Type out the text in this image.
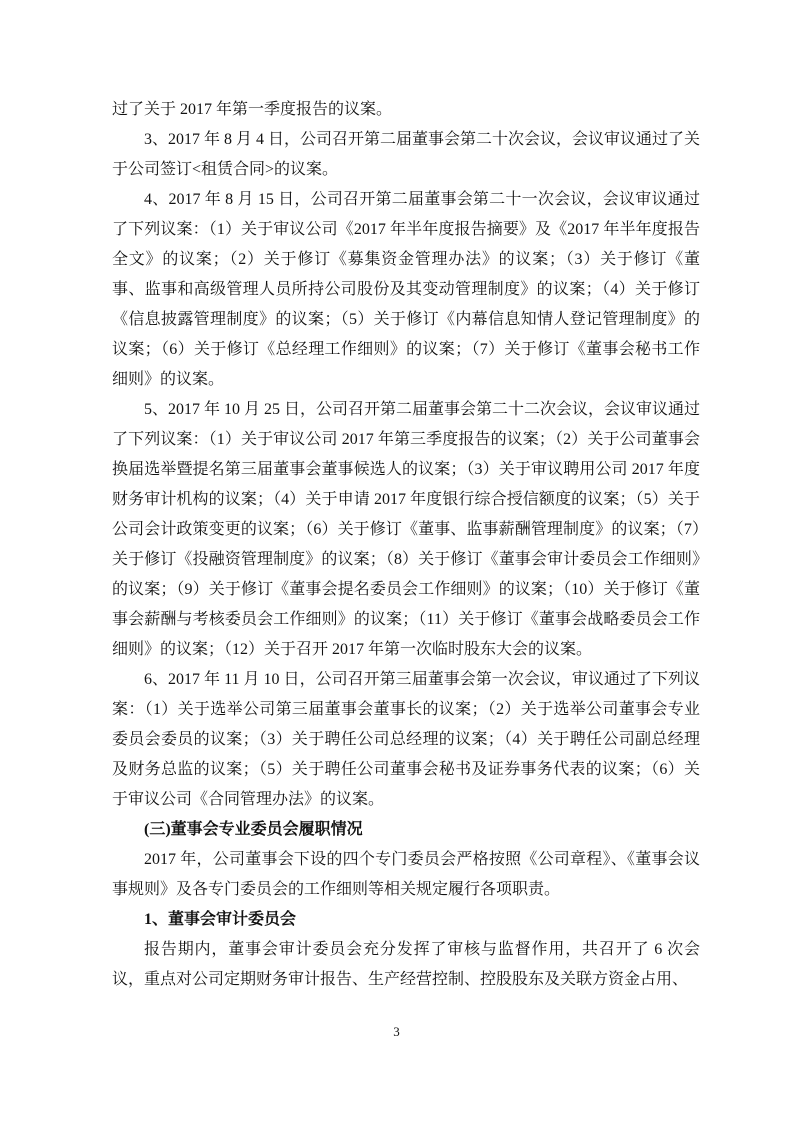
过了关于 2017 年第一季度报告的议案。

3、2017 年 8 月 4 日，公司召开第二届董事会第二十次会议，会议审议通过了关于公司签订<租赁合同>的议案。

4、2017 年 8 月 15 日，公司召开第二届董事会第二十一次会议，会议审议通过了下列议案：（1）关于审议公司《2017 年半年度报告摘要》及《2017 年半年度报告全文》的议案；（2）关于修订《募集资金管理办法》的议案；（3）关于修订《董事、监事和高级管理人员所持公司股份及其变动管理制度》的议案；（4）关于修订《信息披露管理制度》的议案；（5）关于修订《内幕信息知情人登记管理制度》的议案；（6）关于修订《总经理工作细则》的议案；（7）关于修订《董事会秘书工作细则》的议案。

5、2017 年 10 月 25 日，公司召开第二届董事会第二十二次会议，会议审议通过了下列议案：（1）关于审议公司 2017 年第三季度报告的议案；（2）关于公司董事会换届选举暨提名第三届董事会董事候选人的议案；（3）关于审议聘用公司 2017 年度财务审计机构的议案；（4）关于申请 2017 年度银行综合授信额度的议案；（5）关于公司会计政策变更的议案；（6）关于修订《董事、监事薪酬管理制度》的议案；（7）关于修订《投融资管理制度》的议案；（8）关于修订《董事会审计委员会工作细则》的议案；（9）关于修订《董事会提名委员会工作细则》的议案；（10）关于修订《董事会薪酬与考核委员会工作细则》的议案；（11）关于修订《董事会战略委员会工作细则》的议案；（12）关于召开 2017 年第一次临时股东大会的议案。

6、2017 年 11 月 10 日，公司召开第三届董事会第一次会议，审议通过了下列议案：（1）关于选举公司第三届董事会董事长的议案；（2）关于选举公司董事会专业委员会委员的议案；（3）关于聘任公司总经理的议案；（4）关于聘任公司副总经理及财务总监的议案；（5）关于聘任公司董事会秘书及证券事务代表的议案；（6）关于审议公司《合同管理办法》的议案。

(三)董事会专业委员会履职情况

2017 年，公司董事会下设的四个专门委员会严格按照《公司章程》、《董事会议事规则》及各专门委员会的工作细则等相关规定履行各项职责。

1、董事会审计委员会

报告期内，董事会审计委员会充分发挥了审核与监督作用，共召开了 6 次会议，重点对公司定期财务审计报告、生产经营控制、控股股东及关联方资金占用、

3
